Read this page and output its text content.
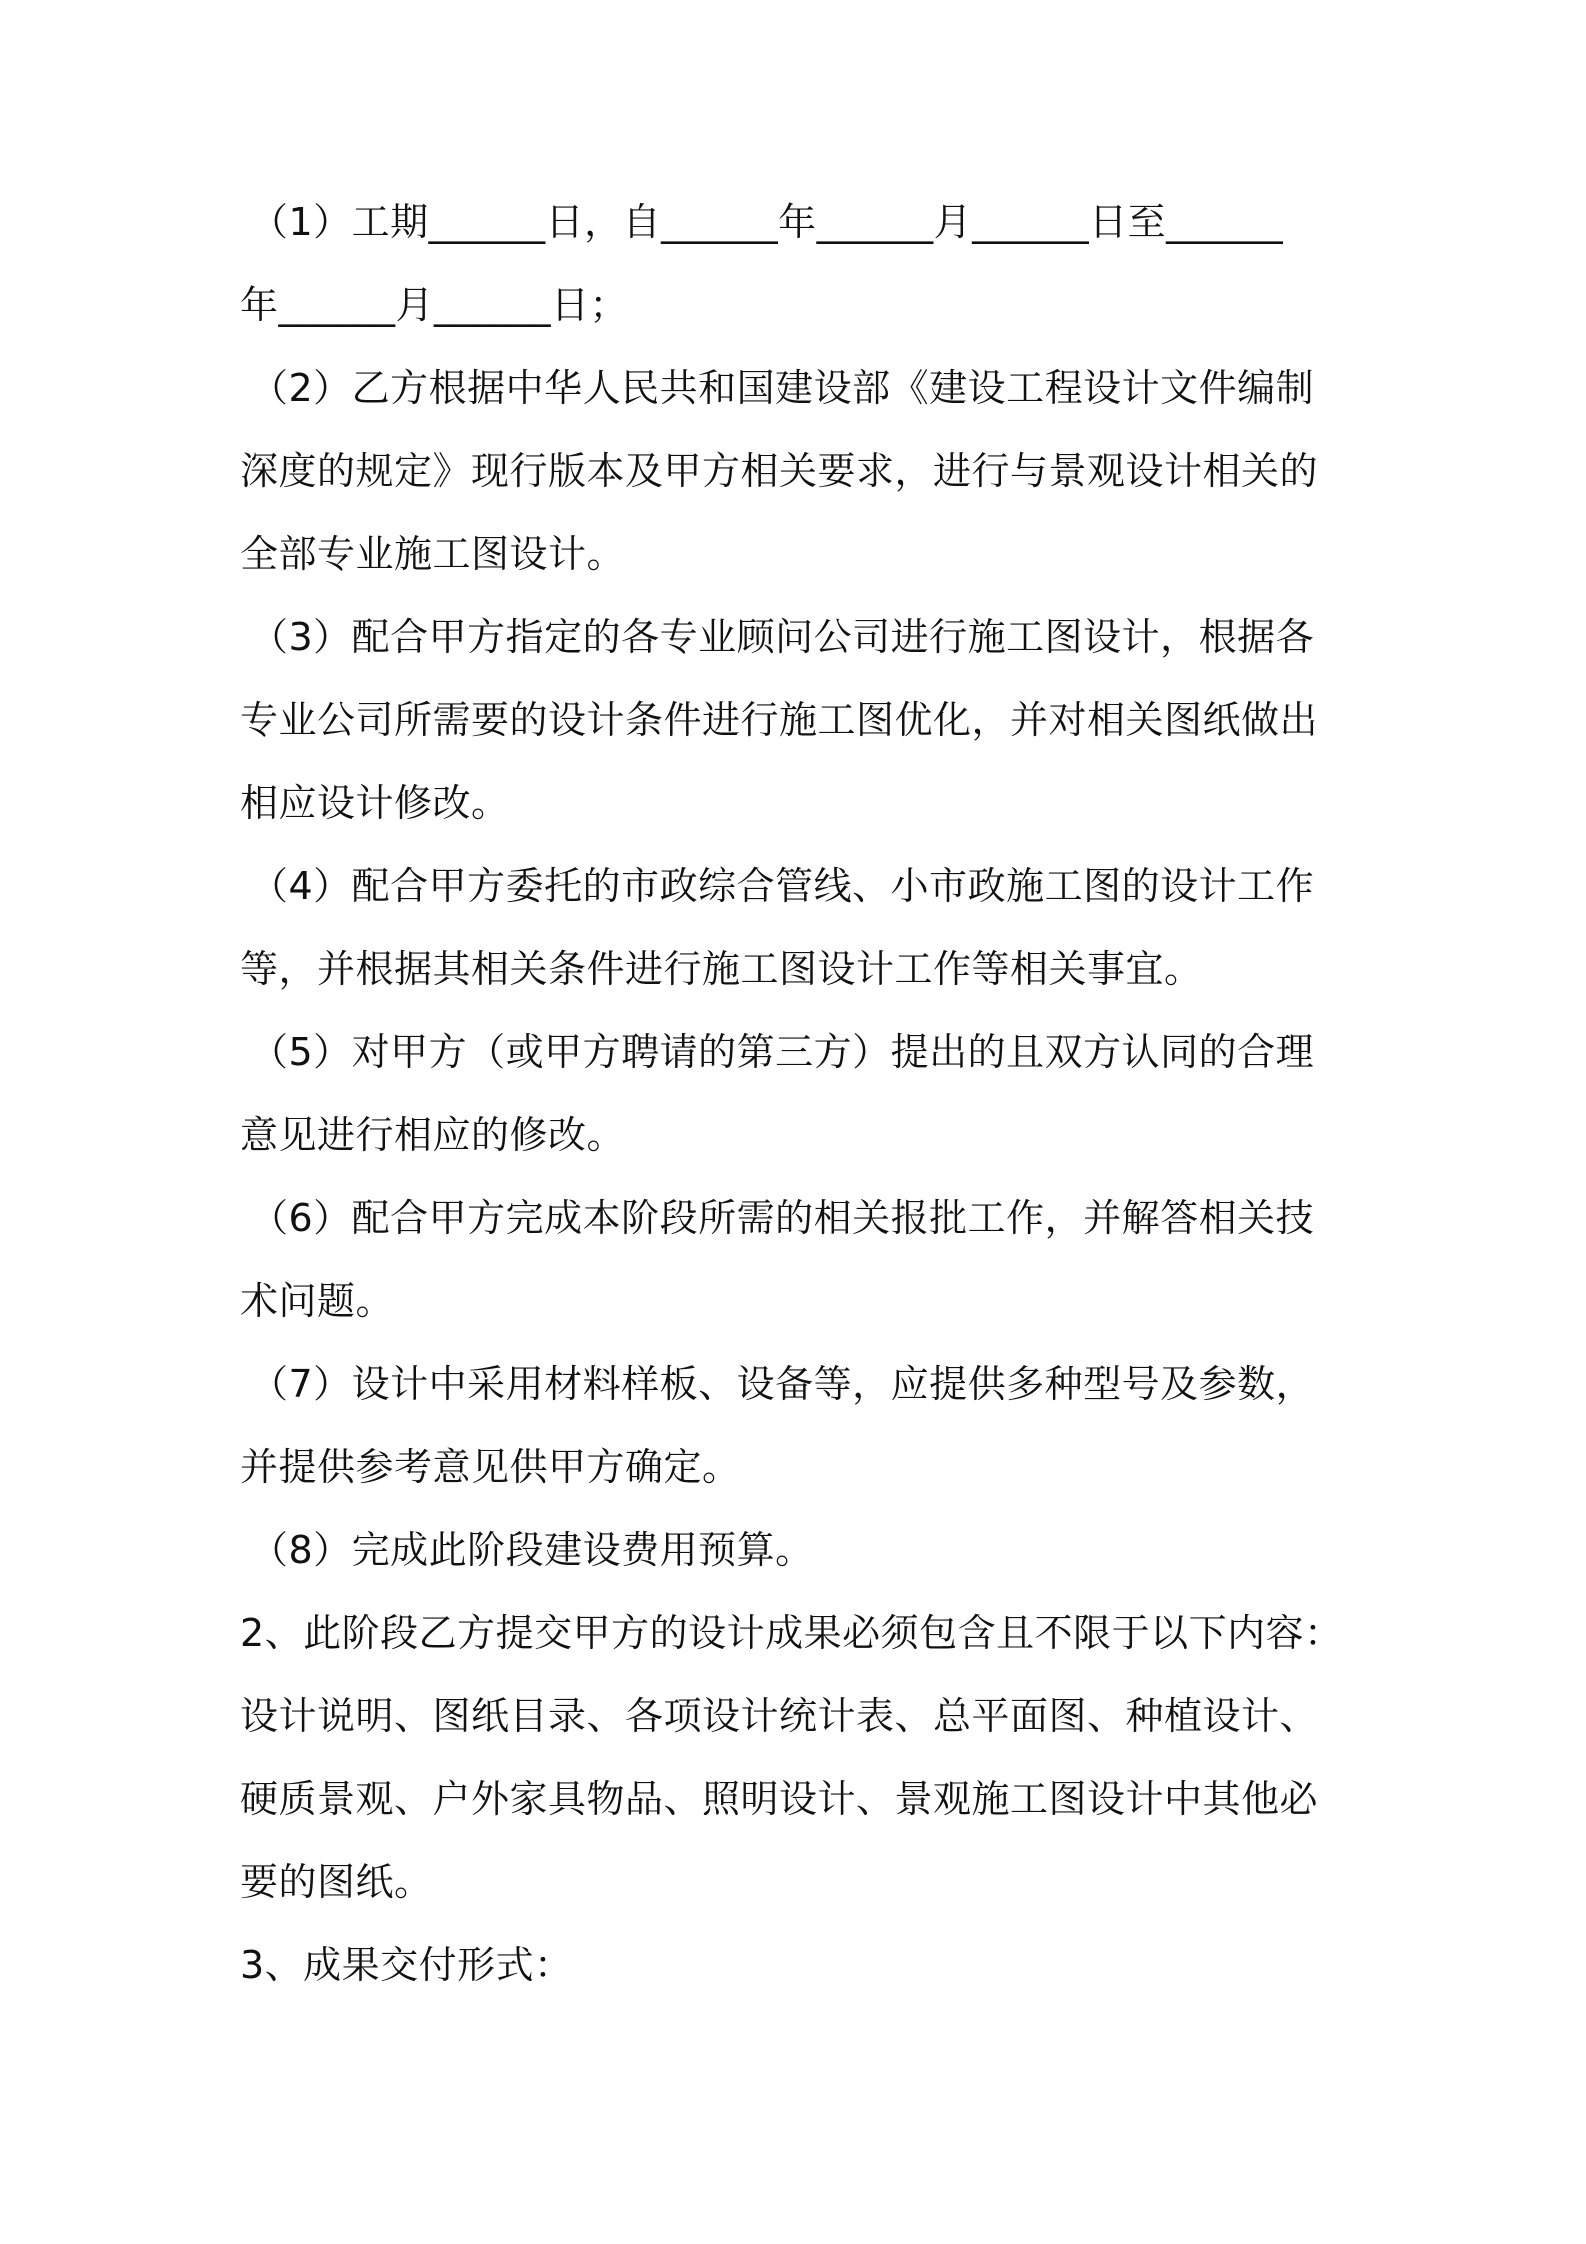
（1）工期______日，自______年______月______日至______

年______月______日；

（2）乙方根据中华人民共和国建设部《建设工程设计文件编制

深度的规定》现行版本及甲方相关要求，进行与景观设计相关的

全部专业施工图设计。

（3）配合甲方指定的各专业顾问公司进行施工图设计，根据各

专业公司所需要的设计条件进行施工图优化，并对相关图纸做出

相应设计修改。

（4）配合甲方委托的市政综合管线、小市政施工图的设计工作

等，并根据其相关条件进行施工图设计工作等相关事宜。

（5）对甲方（或甲方聘请的第三方）提出的且双方认同的合理

意见进行相应的修改。

（6）配合甲方完成本阶段所需的相关报批工作，并解答相关技

术问题。

（7）设计中采用材料样板、设备等，应提供多种型号及参数，

并提供参考意见供甲方确定。

（8）完成此阶段建设费用预算。

2、此阶段乙方提交甲方的设计成果必须包含且不限于以下内容：

设计说明、图纸目录、各项设计统计表、总平面图、种植设计、

硬质景观、户外家具物品、照明设计、景观施工图设计中其他必

要的图纸。

3、成果交付形式：
